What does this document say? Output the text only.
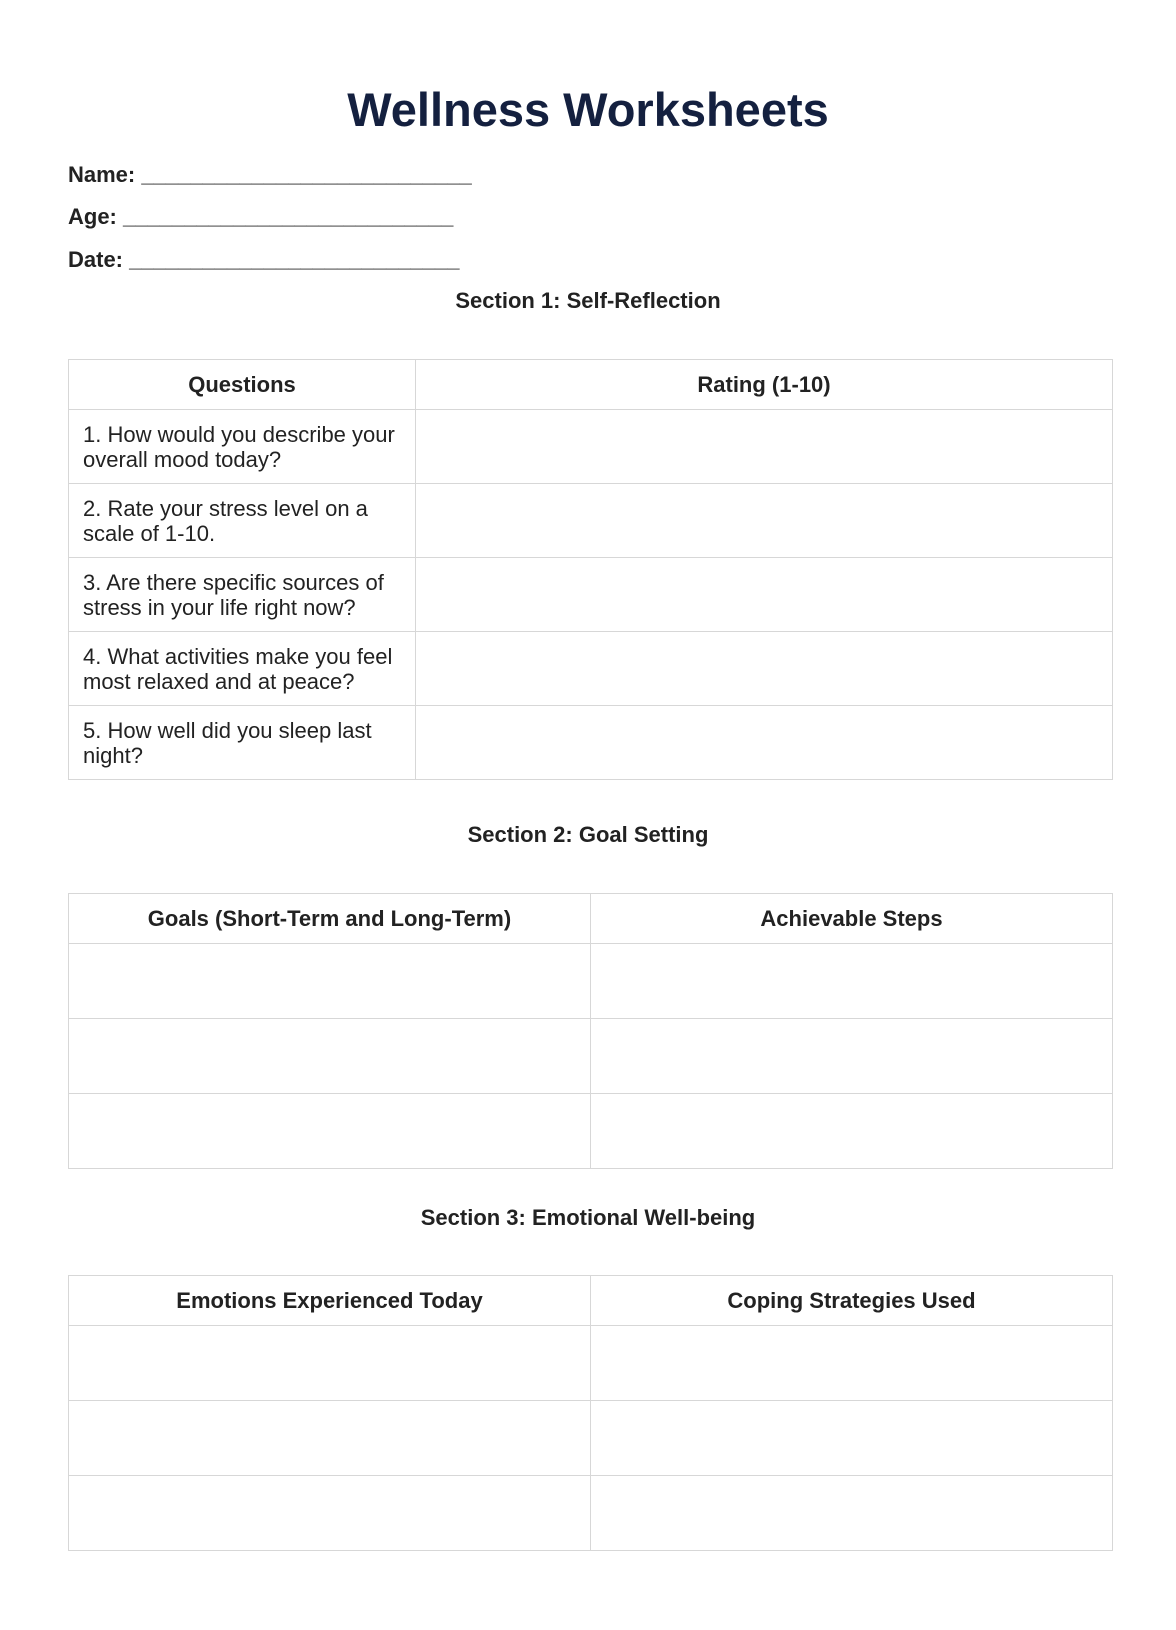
Wellness Worksheets
Name: ___________________________
Age: ___________________________
Date: ___________________________
Section 1: Self-Reflection
Questions	Rating (1-10)
1. How would you describe your overall mood today?	
2. Rate your stress level on a scale of 1-10.	
3. Are there specific sources of stress in your life right now?	
4. What activities make you feel most relaxed and at peace?	
5. How well did you sleep last night?	
Section 2: Goal Setting
Goals (Short-Term and Long-Term)	Achievable Steps

Section 3: Emotional Well-being
Emotions Experienced Today	Coping Strategies Used
